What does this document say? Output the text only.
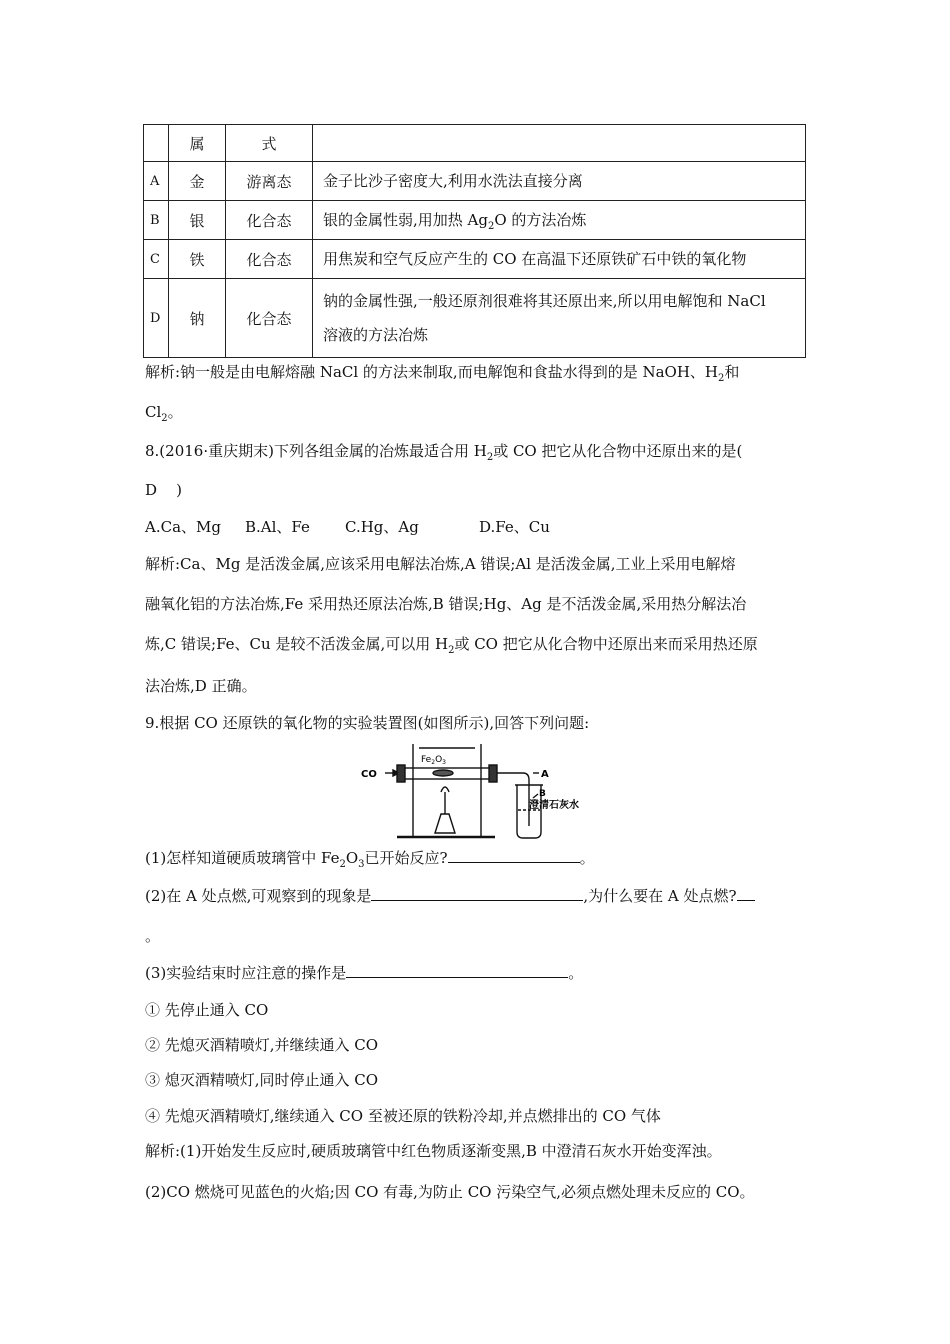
	属	式	
A	金	游离态	金子比沙子密度大,利用水洗法直接分离
B	银	化合态	银的金属性弱,用加热 $Ag_2O$ 的方法冶炼
C	铁	化合态	用焦炭和空气反应产生的 CO 在高温下还原铁矿石中铁的氧化物
D	钠	化合态	钠的金属性强,一般还原剂很难将其还原出来,所以用电解饱和 NaCl
溶液的方法冶炼
解析:钠一般是由电解熔融 NaCl 的方法来制取,而电解饱和食盐水得到的是 NaOH、$H_2$和
$Cl_2$。
8.(2016·重庆期末)下列各组金属的冶炼最适合用 $H_2$或 CO 把它从化合物中还原出来的是(
D    )
A.Ca、Mg B.Al、Fe C.Hg、Ag	D.Fe、Cu
解析:Ca、Mg 是活泼金属,应该采用电解法冶炼,A 错误;Al 是活泼金属,工业上采用电解熔
融氧化铝的方法冶炼,Fe 采用热还原法冶炼,B 错误;Hg、Ag 是不活泼金属,采用热分解法冶
炼,C 错误;Fe、Cu 是较不活泼金属,可以用 $H_2$或 CO 把它从化合物中还原出来而采用热还原
法冶炼,D 正确。
9.根据 CO 还原铁的氧化物的实验装置图(如图所示),回答下列问题:
CO
$Fe_2O_3$
A
B
澄清石灰水
(1)怎样知道硬质玻璃管中 $Fe_2O_3$已开始反应?	。
(2)在 A 处点燃,可观察到的现象是	,为什么要在 A 处点燃?
。
(3)实验结束时应注意的操作是	。
① 先停止通入 CO
② 先熄灭酒精喷灯,并继续通入 CO
③ 熄灭酒精喷灯,同时停止通入 CO
④ 先熄灭酒精喷灯,继续通入 CO 至被还原的铁粉冷却,并点燃排出的 CO 气体
解析:(1)开始发生反应时,硬质玻璃管中红色物质逐渐变黑,B 中澄清石灰水开始变浑浊。
(2)CO 燃烧可见蓝色的火焰;因 CO 有毒,为防止 CO 污染空气,必须点燃处理未反应的 CO。
